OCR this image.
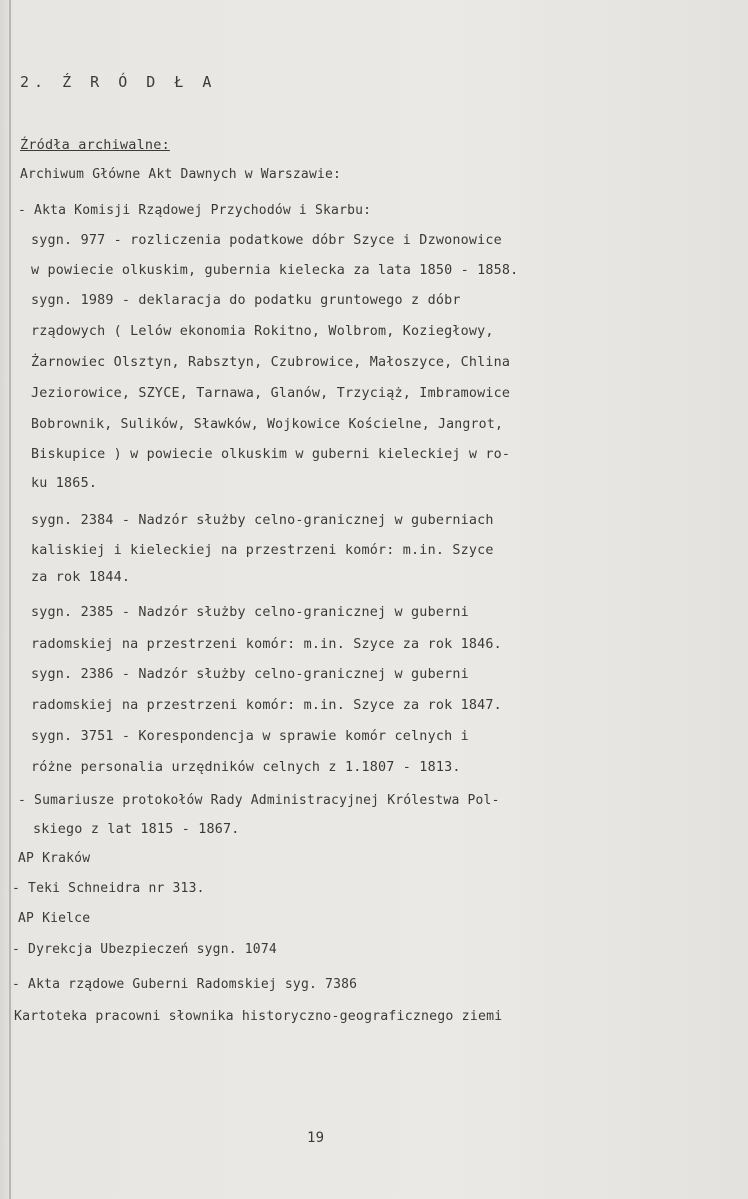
2. Ź R Ó D Ł A
Źródła archiwalne:
Archiwum Główne Akt Dawnych w Warszawie:
- Akta Komisji Rządowej Przychodów i Skarbu:
sygn. 977 - rozliczenia podatkowe dóbr Szyce i Dzwonowice
w powiecie olkuskim, gubernia kielecka za lata 1850 - 1858.
sygn. 1989 - deklaracja do podatku gruntowego z dóbr
rządowych ( Lelów ekonomia Rokitno, Wolbrom, Koziegłowy,
Żarnowiec Olsztyn, Rabsztyn, Czubrowice, Małoszyce, Chlina
Jeziorowice, SZYCE, Tarnawa, Glanów, Trzyciąż, Imbramowice
Bobrownik, Sulików, Sławków, Wojkowice Kościelne, Jangrot,
Biskupice ) w powiecie olkuskim w guberni kieleckiej w ro-
ku 1865.
sygn. 2384 - Nadzór służby celno-granicznej w guberniach
kaliskiej i kieleckiej na przestrzeni komór: m.in. Szyce
za rok 1844.
sygn. 2385 - Nadzór służby celno-granicznej w guberni
radomskiej na przestrzeni komór: m.in. Szyce za rok 1846.
sygn. 2386 - Nadzór służby celno-granicznej w guberni
radomskiej na przestrzeni komór: m.in. Szyce za rok 1847.
sygn. 3751 - Korespondencja w sprawie komór celnych i
różne personalia urzędników celnych z 1.1807 - 1813.
- Sumariusze protokołów Rady Administracyjnej Królestwa Pol-
skiego z lat 1815 - 1867.
AP Kraków
- Teki Schneidra nr 313.
AP Kielce
- Dyrekcja Ubezpieczeń sygn. 1074
- Akta rządowe Guberni Radomskiej syg. 7386
Kartoteka pracowni słownika historyczno-geograficznego ziemi
19
